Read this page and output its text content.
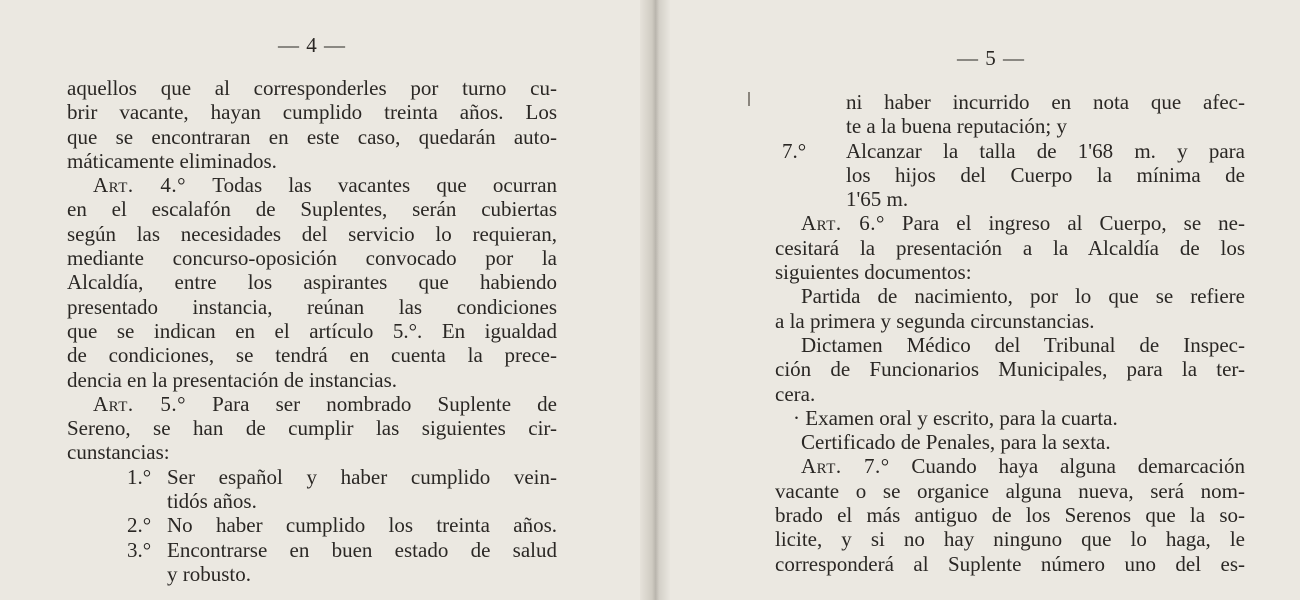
— 4 —
aquellos que al corresponderles por turno cu-
brir vacante, hayan cumplido treinta años. Los
que se encontraran en este caso, quedarán auto-
máticamente eliminados.
Art. 4.° Todas las vacantes que ocurran
en el escalafón de Suplentes, serán cubiertas
según las necesidades del servicio lo requieran,
mediante concurso-oposición convocado por la
Alcaldía, entre los aspirantes que habiendo
presentado instancia, reúnan las condiciones
que se indican en el artículo 5.°. En igualdad
de condiciones, se tendrá en cuenta la prece-
dencia en la presentación de instancias.
Art. 5.° Para ser nombrado Suplente de
Sereno, se han de cumplir las siguientes cir-
cunstancias:
1.° Ser español y haber cumplido vein-
tidós años.
2.° No haber cumplido los treinta años.
3.° Encontrarse en buen estado de salud
y robusto.
— 5 —
ni haber incurrido en nota que afec-
te a la buena reputación; y
7.° Alcanzar la talla de 1'68 m. y para
los hijos del Cuerpo la mínima de
1'65 m.
Art. 6.° Para el ingreso al Cuerpo, se ne-
cesitará la presentación a la Alcaldía de los
siguientes documentos:
Partida de nacimiento, por lo que se refiere
a la primera y segunda circunstancias.
Dictamen Médico del Tribunal de Inspec-
ción de Funcionarios Municipales, para la ter-
cera.
· Examen oral y escrito, para la cuarta.
Certificado de Penales, para la sexta.
Art. 7.° Cuando haya alguna demarcación
vacante o se organice alguna nueva, será nom-
brado el más antiguo de los Serenos que la so-
licite, y si no hay ninguno que lo haga, le
corresponderá al Suplente número uno del es-
